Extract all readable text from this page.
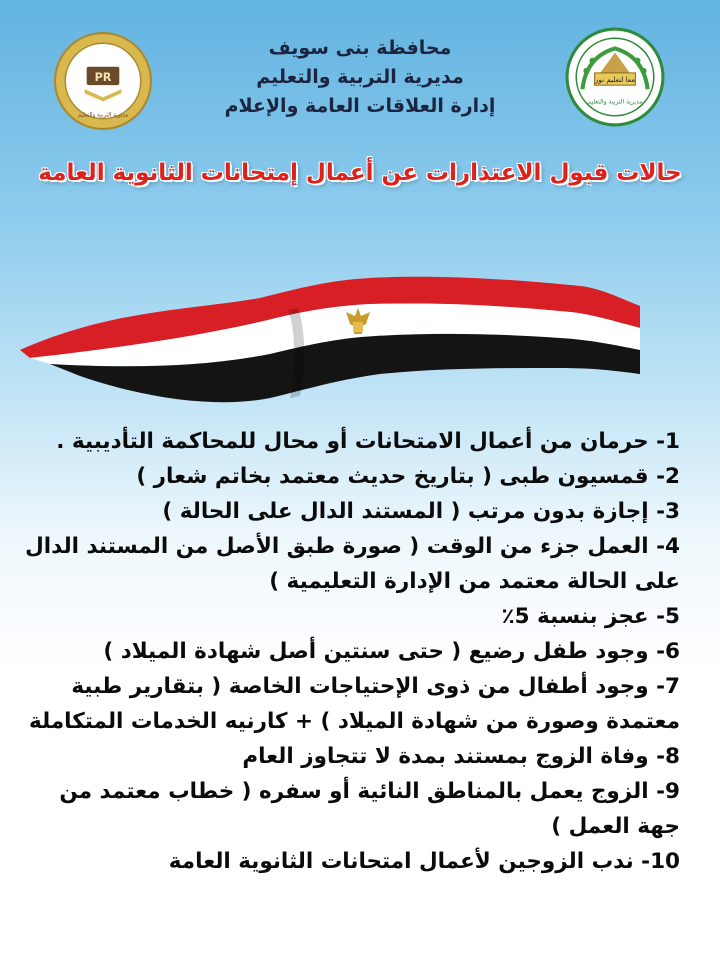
معا لتعليم نور
مديرية التربية والتعليم
PR
مديرية التربية والتعليم
محافظة بنى سويف
مديرية التربية والتعليم
إدارة العلاقات العامة والإعلام
حالات قبول الاعتذارات عن أعمال إمتحانات الثانوية العامة
1- حرمان من أعمال الامتحانات أو محال للمحاكمة التأديبية .
2- قمسيون طبى ( بتاريخ حديث معتمد بخاتم شعار )
3- إجازة بدون مرتب ( المستند الدال على الحالة )
4- العمل جزء من الوقت ( صورة طبق الأصل من المستند الدال
على الحالة معتمد من الإدارة التعليمية )
5- عجز بنسبة 5٪
6- وجود طفل رضيع ( حتى سنتين أصل شهادة الميلاد )
7- وجود أطفال من ذوى الإحتياجات الخاصة ( بتقارير طبية
معتمدة وصورة من شهادة الميلاد ) + كارنيه الخدمات المتكاملة
8- وفاة الزوج بمستند بمدة لا تتجاوز العام
9- الزوج يعمل بالمناطق النائية أو سفره ( خطاب معتمد من
جهة العمل )
10- ندب الزوجين لأعمال امتحانات الثانوية العامة
